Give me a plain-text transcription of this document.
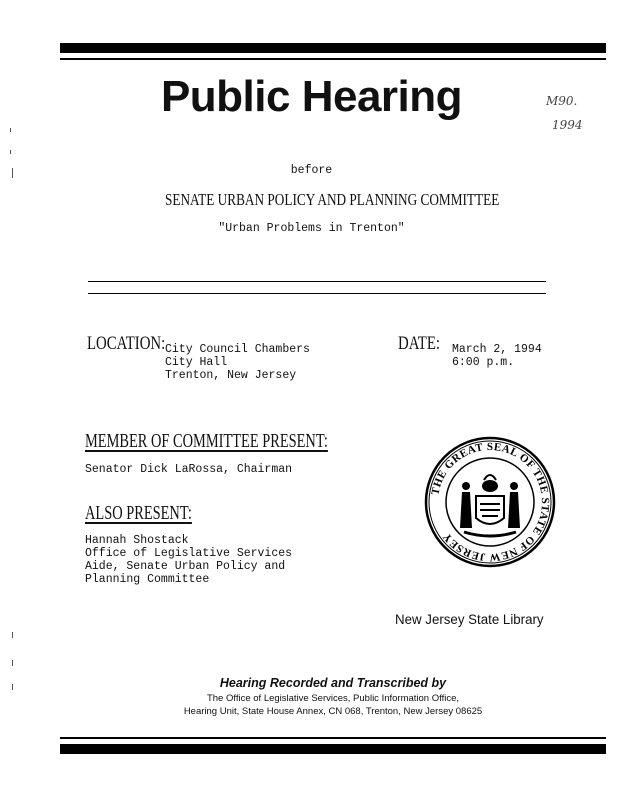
Public Hearing	M90.
1994
before
SENATE URBAN POLICY AND PLANNING COMMITTEE
"Urban Problems in Trenton"
LOCATION: City Council Chambers
City Hall
Trenton, New Jersey
DATE: March 2, 1994
6:00 p.m.
MEMBER OF COMMITTEE PRESENT:
Senator Dick LaRossa, Chairman
ALSO PRESENT:
Hannah Shostack
Office of Legislative Services
Aide, Senate Urban Policy and
Planning Committee
THE GREAT SEAL OF THE STATE OF NEW JERSEY
New Jersey State Library
Hearing Recorded and Transcribed by
The Office of Legislative Services, Public Information Office,
Hearing Unit, State House Annex, CN 068, Trenton, New Jersey 08625
